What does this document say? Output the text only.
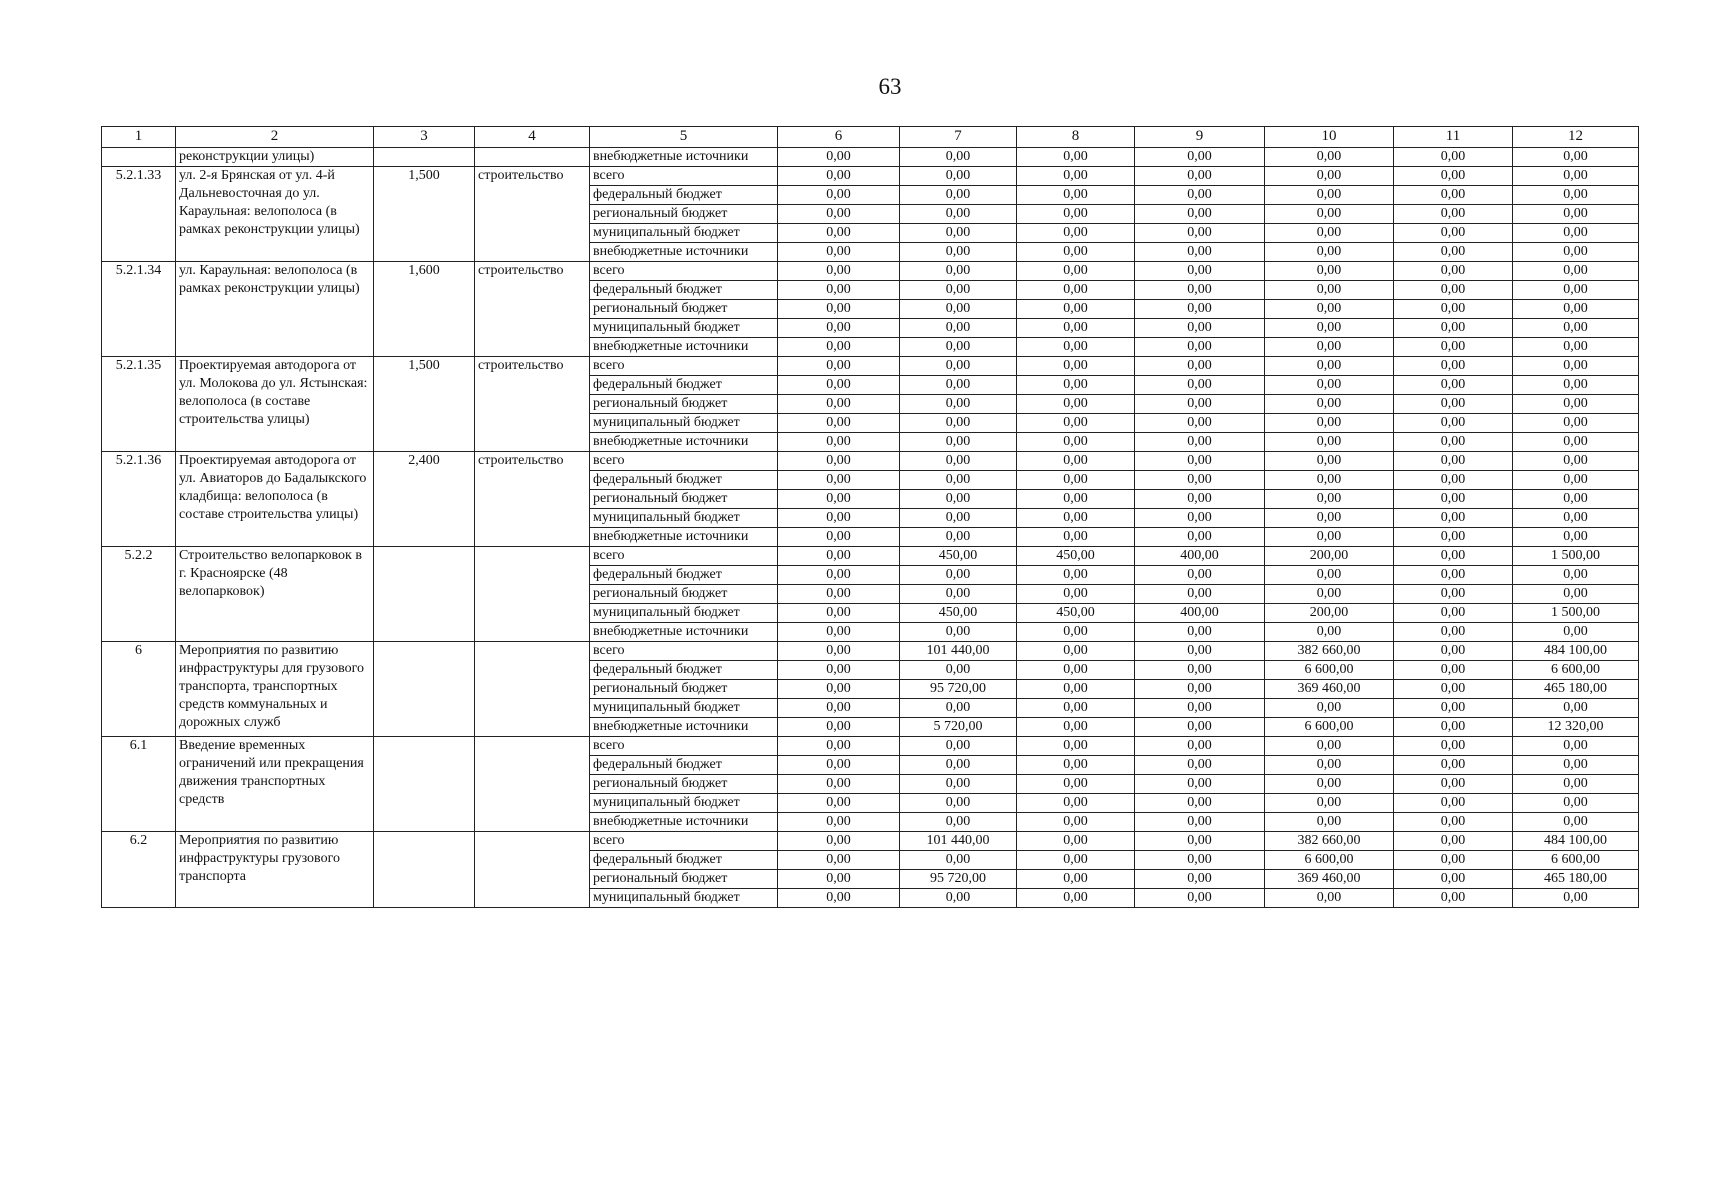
63
1	2	3	4	5	6	7	8	9	10	11	12
	реконструкции улицы)			внебюджетные источники	0,00	0,00	0,00	0,00	0,00	0,00	0,00
5.2.1.33	ул. 2-я Брянская от ул. 4-й Дальневосточная до ул. Караульная: велополоса (в рамках реконструкции улицы)	1,500	строительство	всего	0,00	0,00	0,00	0,00	0,00	0,00	0,00
				федеральный бюджет	0,00	0,00	0,00	0,00	0,00	0,00	0,00
				региональный бюджет	0,00	0,00	0,00	0,00	0,00	0,00	0,00
				муниципальный бюджет	0,00	0,00	0,00	0,00	0,00	0,00	0,00
				внебюджетные источники	0,00	0,00	0,00	0,00	0,00	0,00	0,00
5.2.1.34	ул. Караульная: велополоса (в рамках реконструкции улицы)	1,600	строительство	всего	0,00	0,00	0,00	0,00	0,00	0,00	0,00
				федеральный бюджет	0,00	0,00	0,00	0,00	0,00	0,00	0,00
				региональный бюджет	0,00	0,00	0,00	0,00	0,00	0,00	0,00
				муниципальный бюджет	0,00	0,00	0,00	0,00	0,00	0,00	0,00
				внебюджетные источники	0,00	0,00	0,00	0,00	0,00	0,00	0,00
5.2.1.35	Проектируемая автодорога от ул. Молокова до ул. Ястынская: велополоса (в составе строительства улицы)	1,500	строительство	всего	0,00	0,00	0,00	0,00	0,00	0,00	0,00
				федеральный бюджет	0,00	0,00	0,00	0,00	0,00	0,00	0,00
				региональный бюджет	0,00	0,00	0,00	0,00	0,00	0,00	0,00
				муниципальный бюджет	0,00	0,00	0,00	0,00	0,00	0,00	0,00
				внебюджетные источники	0,00	0,00	0,00	0,00	0,00	0,00	0,00
5.2.1.36	Проектируемая автодорога от ул. Авиаторов до Бадалыкского кладбища: велополоса (в составе строительства улицы)	2,400	строительство	всего	0,00	0,00	0,00	0,00	0,00	0,00	0,00
				федеральный бюджет	0,00	0,00	0,00	0,00	0,00	0,00	0,00
				региональный бюджет	0,00	0,00	0,00	0,00	0,00	0,00	0,00
				муниципальный бюджет	0,00	0,00	0,00	0,00	0,00	0,00	0,00
				внебюджетные источники	0,00	0,00	0,00	0,00	0,00	0,00	0,00
5.2.2	Строительство велопарковок в г. Красноярске (48 велопарковок)			всего	0,00	450,00	450,00	400,00	200,00	0,00	1 500,00
				федеральный бюджет	0,00	0,00	0,00	0,00	0,00	0,00	0,00
				региональный бюджет	0,00	0,00	0,00	0,00	0,00	0,00	0,00
				муниципальный бюджет	0,00	450,00	450,00	400,00	200,00	0,00	1 500,00
				внебюджетные источники	0,00	0,00	0,00	0,00	0,00	0,00	0,00
6	Мероприятия по развитию инфраструктуры для грузового транспорта, транспортных средств коммунальных и дорожных служб			всего	0,00	101 440,00	0,00	0,00	382 660,00	0,00	484 100,00
				федеральный бюджет	0,00	0,00	0,00	0,00	6 600,00	0,00	6 600,00
				региональный бюджет	0,00	95 720,00	0,00	0,00	369 460,00	0,00	465 180,00
				муниципальный бюджет	0,00	0,00	0,00	0,00	0,00	0,00	0,00
				внебюджетные источники	0,00	5 720,00	0,00	0,00	6 600,00	0,00	12 320,00
6.1	Введение временных ограничений или прекращения движения транспортных средств			всего	0,00	0,00	0,00	0,00	0,00	0,00	0,00
				федеральный бюджет	0,00	0,00	0,00	0,00	0,00	0,00	0,00
				региональный бюджет	0,00	0,00	0,00	0,00	0,00	0,00	0,00
				муниципальный бюджет	0,00	0,00	0,00	0,00	0,00	0,00	0,00
				внебюджетные источники	0,00	0,00	0,00	0,00	0,00	0,00	0,00
6.2	Мероприятия по развитию инфраструктуры грузового транспорта			всего	0,00	101 440,00	0,00	0,00	382 660,00	0,00	484 100,00
				федеральный бюджет	0,00	0,00	0,00	0,00	6 600,00	0,00	6 600,00
				региональный бюджет	0,00	95 720,00	0,00	0,00	369 460,00	0,00	465 180,00
				муниципальный бюджет	0,00	0,00	0,00	0,00	0,00	0,00	0,00
